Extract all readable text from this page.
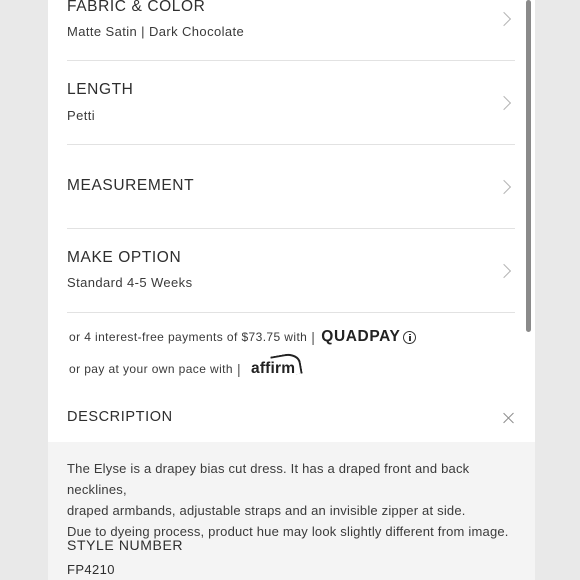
FABRIC & COLOR
Matte Satin | Dark Chocolate
LENGTH
Petti
MEASUREMENT
MAKE OPTION
Standard 4-5 Weeks
or 4 interest-free payments of $73.75 with | QUADPAY
or pay at your own pace with | affirm
DESCRIPTION
The Elyse is a drapey bias cut dress. It has a draped front and back necklines,
draped armbands, adjustable straps and an invisible zipper at side.
Due to dyeing process, product hue may look slightly different from image.
STYLE NUMBER
FP4210
